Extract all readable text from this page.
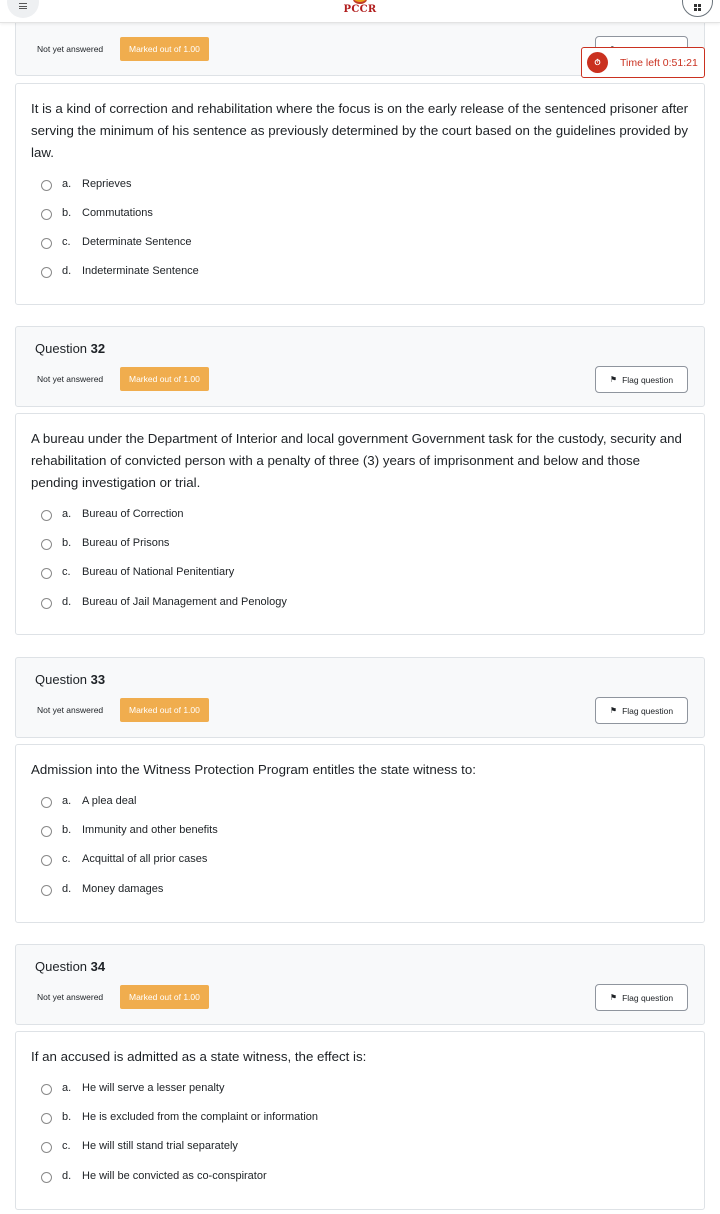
Not yet answered	Marked out of 1.00
It is a kind of correction and rehabilitation where the focus is on the early release of the sentenced prisoner after serving the minimum of his sentence as previously determined by the court based on the guidelines provided by law.
a. Reprieves
b. Commutations
c. Determinate Sentence
d. Indeterminate Sentence
Question 32
Not yet answered	Marked out of 1.00	⚑ Flag question
A bureau under the Department of Interior and local government Government task for the custody, security and rehabilitation of convicted person with a penalty of three (3) years of imprisonment and below and those pending investigation or trial.
a. Bureau of Correction
b. Bureau of Prisons
c. Bureau of National Penitentiary
d. Bureau of Jail Management and Penology
Question 33
Not yet answered	Marked out of 1.00	⚑ Flag question
Admission into the Witness Protection Program entitles the state witness to:
a. A plea deal
b. Immunity and other benefits
c. Acquittal of all prior cases
d. Money damages
Question 34
Not yet answered	Marked out of 1.00	⚑ Flag question
If an accused is admitted as a state witness, the effect is:
a. He will serve a lesser penalty
b. He is excluded from the complaint or information
c. He will still stand trial separately
d. He will be convicted as co-conspirator
PCCR
⏱	Time left 0:51:21
